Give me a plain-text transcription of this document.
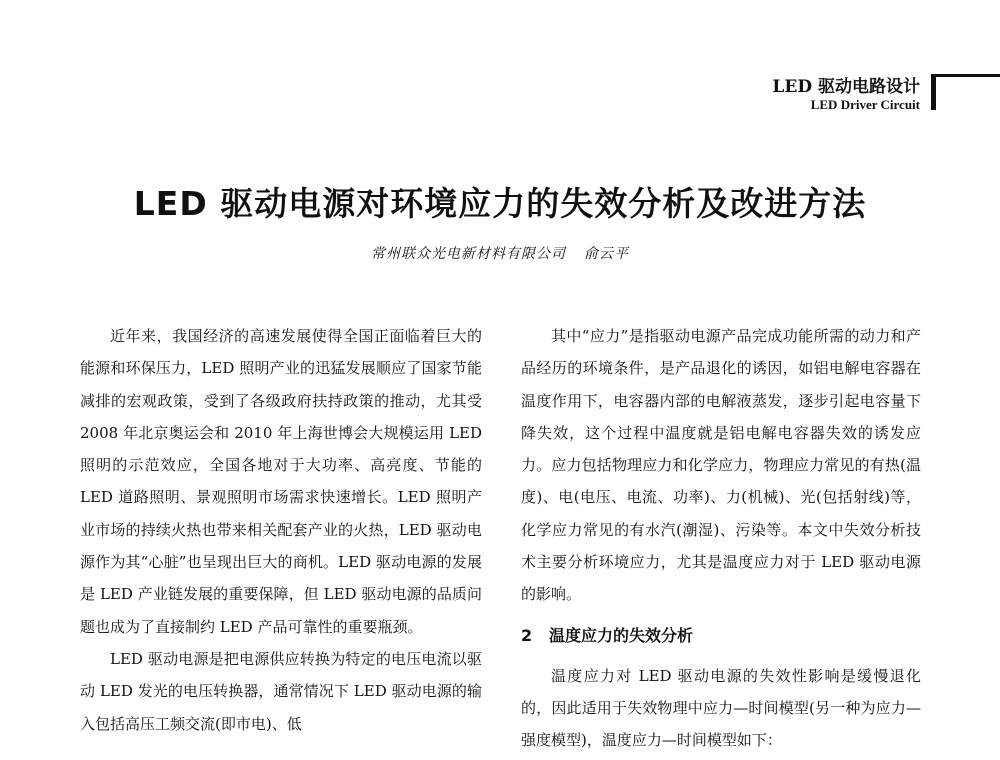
LED 驱动电路设计
LED Driver Circuit
LED 驱动电源对环境应力的失效分析及改进方法
常州联众光电新材料有限公司 俞云平

近年来，我国经济的高速发展使得全国正面临着巨大的能源和环保压力，LED 照明产业的迅猛发展顺应了国家节能减排的宏观政策，受到了各级政府扶持政策的推动，尤其受 2008 年北京奥运会和 2010 年上海世博会大规模运用 LED 照明的示范效应，全国各地对于大功率、高亮度、节能的 LED 道路照明、景观照明市场需求快速增长。LED 照明产业市场的持续火热也带来相关配套产业的火热，LED 驱动电源作为其“心脏”也呈现出巨大的商机。LED 驱动电源的发展是 LED 产业链发展的重要保障，但 LED 驱动电源的品质问题也成为了直接制约 LED 产品可靠性的重要瓶颈。

LED 驱动电源是把电源供应转换为特定的电压电流以驱动 LED 发光的电压转换器，通常情况下 LED 驱动电源的输入包括高压工频交流(即市电)、低

其中“应力”是指驱动电源产品完成功能所需的动力和产品经历的环境条件，是产品退化的诱因，如铝电解电容器在温度作用下，电容器内部的电解液蒸发，逐步引起电容量下降失效，这个过程中温度就是铝电解电容器失效的诱发应力。应力包括物理应力和化学应力，物理应力常见的有热(温度)、电(电压、电流、功率)、力(机械)、光(包括射线)等，化学应力常见的有水汽(潮湿)、污染等。本文中失效分析技术主要分析环境应力，尤其是温度应力对于 LED 驱动电源的影响。

2 温度应力的失效分析

温度应力对 LED 驱动电源的失效性影响是缓慢退化的，因此适用于失效物理中应力—时间模型(另一种为应力—强度模型)，温度应力—时间模型如下：
